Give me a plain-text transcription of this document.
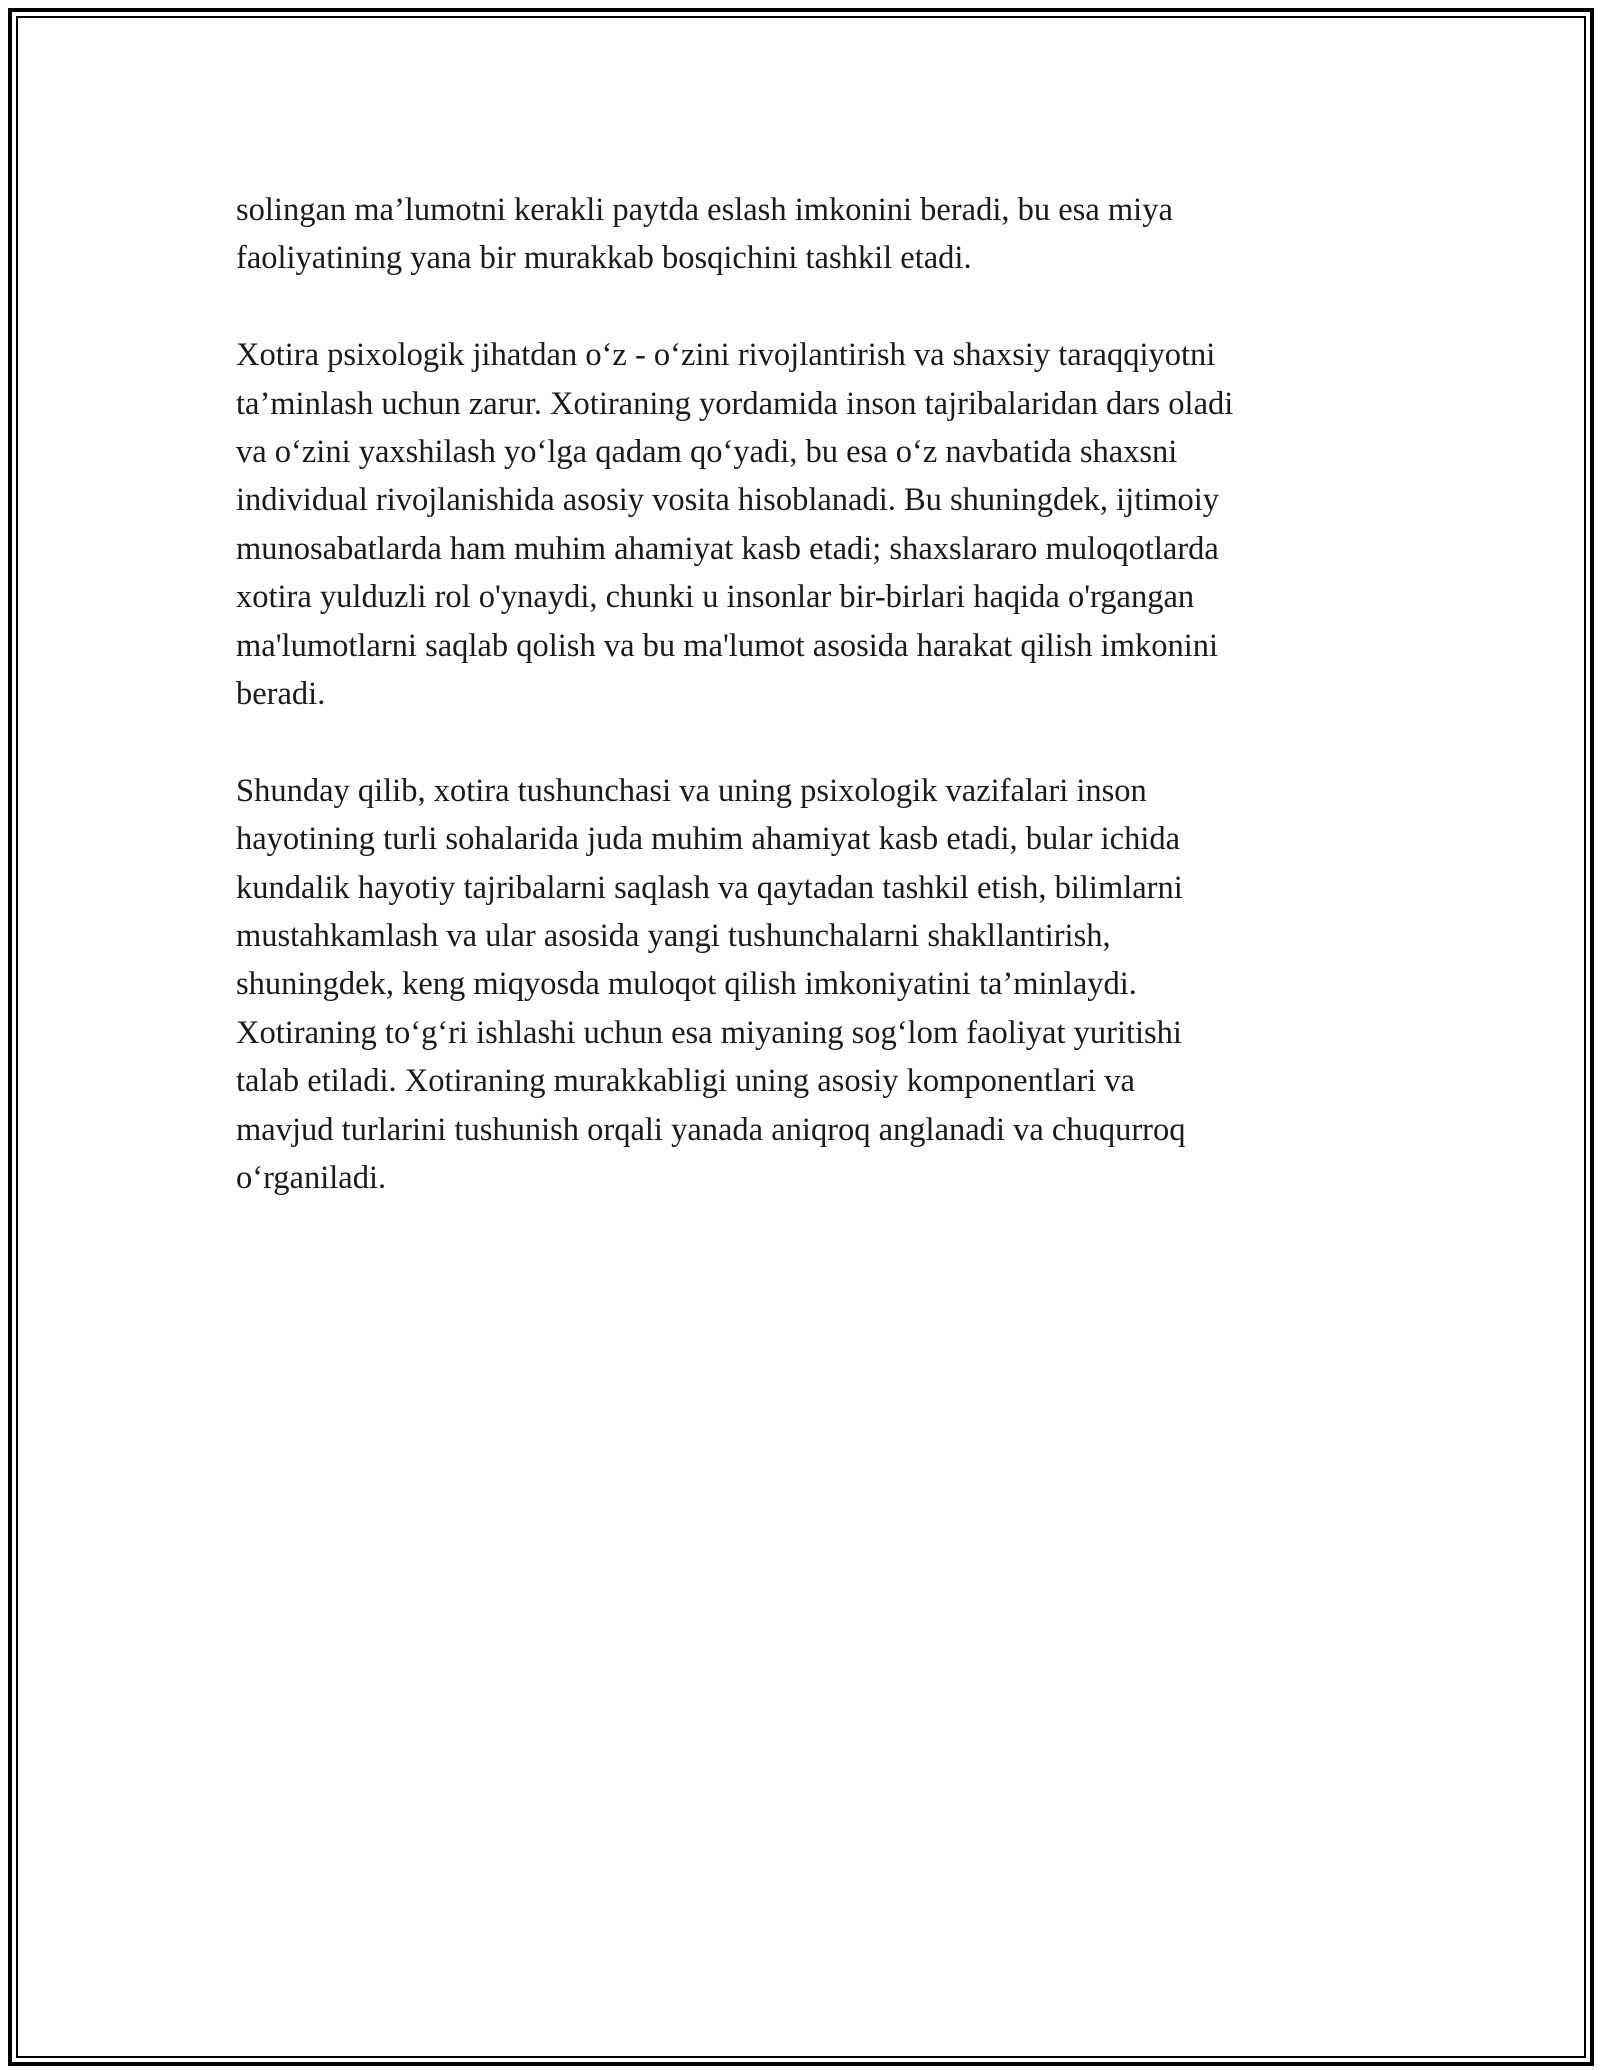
solingan ma’lumotni kerakli paytda eslash imkonini beradi, bu esa miya
faoliyatining yana bir murakkab bosqichini tashkil etadi.

Xotira psixologik jihatdan o‘z - o‘zini rivojlantirish va shaxsiy taraqqiyotni
ta’minlash uchun zarur. Xotiraning yordamida inson tajribalaridan dars oladi
va o‘zini yaxshilash yo‘lga qadam qo‘yadi, bu esa o‘z navbatida shaxsni
individual rivojlanishida asosiy vosita hisoblanadi. Bu shuningdek, ijtimoiy
munosabatlarda ham muhim ahamiyat kasb etadi; shaxslararo muloqotlarda
xotira yulduzli rol o'ynaydi, chunki u insonlar bir-birlari haqida o'rgangan
ma'lumotlarni saqlab qolish va bu ma'lumot asosida harakat qilish imkonini
beradi.

Shunday qilib, xotira tushunchasi va uning psixologik vazifalari inson
hayotining turli sohalarida juda muhim ahamiyat kasb etadi, bular ichida
kundalik hayotiy tajribalarni saqlash va qaytadan tashkil etish, bilimlarni
mustahkamlash va ular asosida yangi tushunchalarni shakllantirish,
shuningdek, keng miqyosda muloqot qilish imkoniyatini ta’minlaydi.
Xotiraning to‘g‘ri ishlashi uchun esa miyaning sog‘lom faoliyat yuritishi
talab etiladi. Xotiraning murakkabligi uning asosiy komponentlari va
mavjud turlarini tushunish orqali yanada aniqroq anglanadi va chuqurroq
o‘rganiladi.
